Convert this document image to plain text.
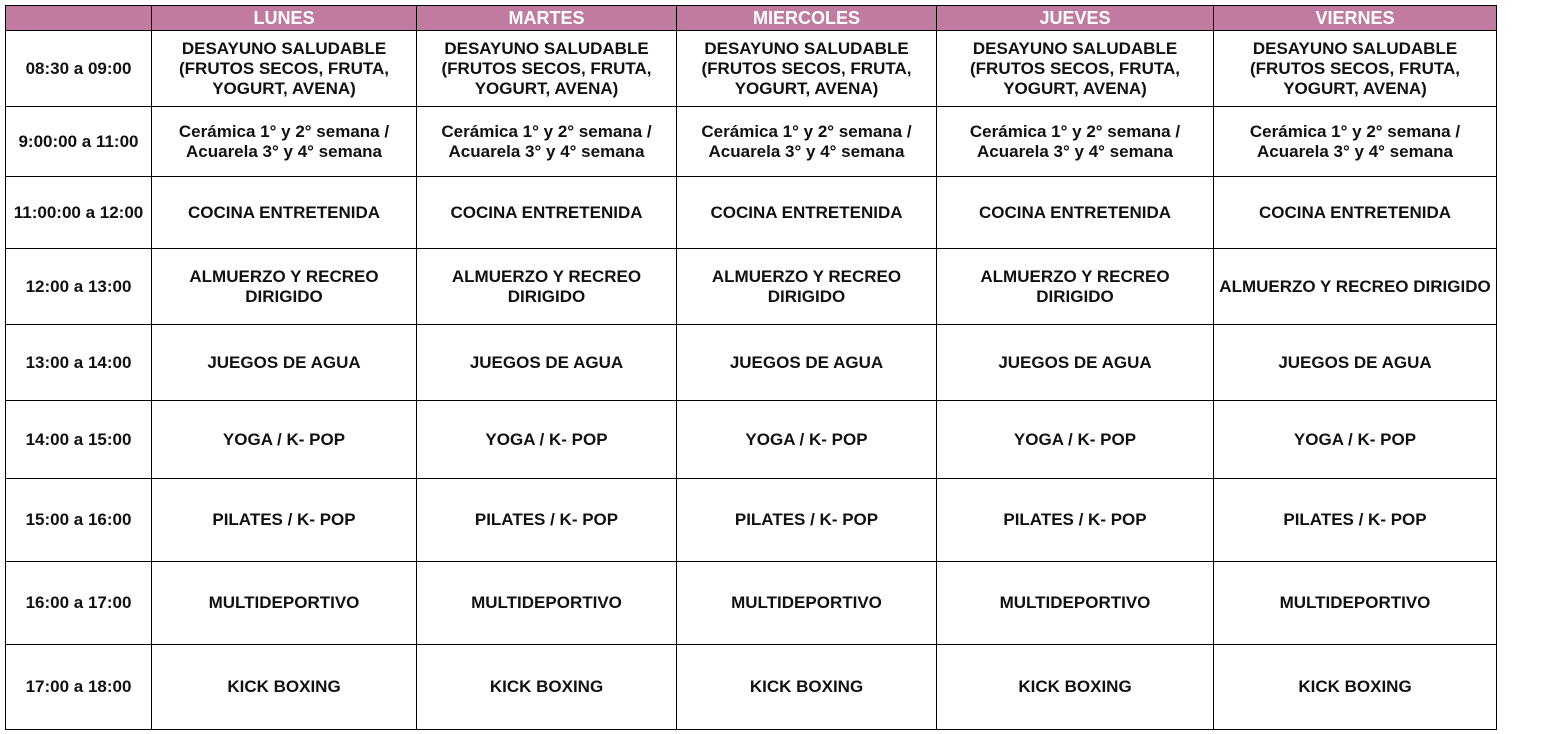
	LUNES	MARTES	MIERCOLES	JUEVES	VIERNES
08:30 a 09:00	DESAYUNO SALUDABLE (FRUTOS SECOS, FRUTA, YOGURT, AVENA)	DESAYUNO SALUDABLE (FRUTOS SECOS, FRUTA, YOGURT, AVENA)	DESAYUNO SALUDABLE (FRUTOS SECOS, FRUTA, YOGURT, AVENA)	DESAYUNO SALUDABLE (FRUTOS SECOS, FRUTA, YOGURT, AVENA)	DESAYUNO SALUDABLE (FRUTOS SECOS, FRUTA, YOGURT, AVENA)
9:00:00 a 11:00	Cerámica 1° y 2° semana / Acuarela 3° y 4° semana	Cerámica 1° y 2° semana / Acuarela 3° y 4° semana	Cerámica 1° y 2° semana / Acuarela 3° y 4° semana	Cerámica 1° y 2° semana / Acuarela 3° y 4° semana	Cerámica 1° y 2° semana / Acuarela 3° y 4° semana
11:00:00 a 12:00	COCINA ENTRETENIDA	COCINA ENTRETENIDA	COCINA ENTRETENIDA	COCINA ENTRETENIDA	COCINA ENTRETENIDA
12:00 a 13:00	ALMUERZO Y RECREO DIRIGIDO	ALMUERZO Y RECREO DIRIGIDO	ALMUERZO Y RECREO DIRIGIDO	ALMUERZO Y RECREO DIRIGIDO	ALMUERZO Y RECREO DIRIGIDO
13:00 a 14:00	JUEGOS DE AGUA	JUEGOS DE AGUA	JUEGOS DE AGUA	JUEGOS DE AGUA	JUEGOS DE AGUA
14:00 a 15:00	YOGA / K- POP	YOGA / K- POP	YOGA / K- POP	YOGA / K- POP	YOGA / K- POP
15:00 a 16:00	PILATES / K- POP	PILATES / K- POP	PILATES / K- POP	PILATES / K- POP	PILATES / K- POP
16:00 a 17:00	MULTIDEPORTIVO	MULTIDEPORTIVO	MULTIDEPORTIVO	MULTIDEPORTIVO	MULTIDEPORTIVO
17:00 a 18:00	KICK BOXING	KICK BOXING	KICK BOXING	KICK BOXING	KICK BOXING
